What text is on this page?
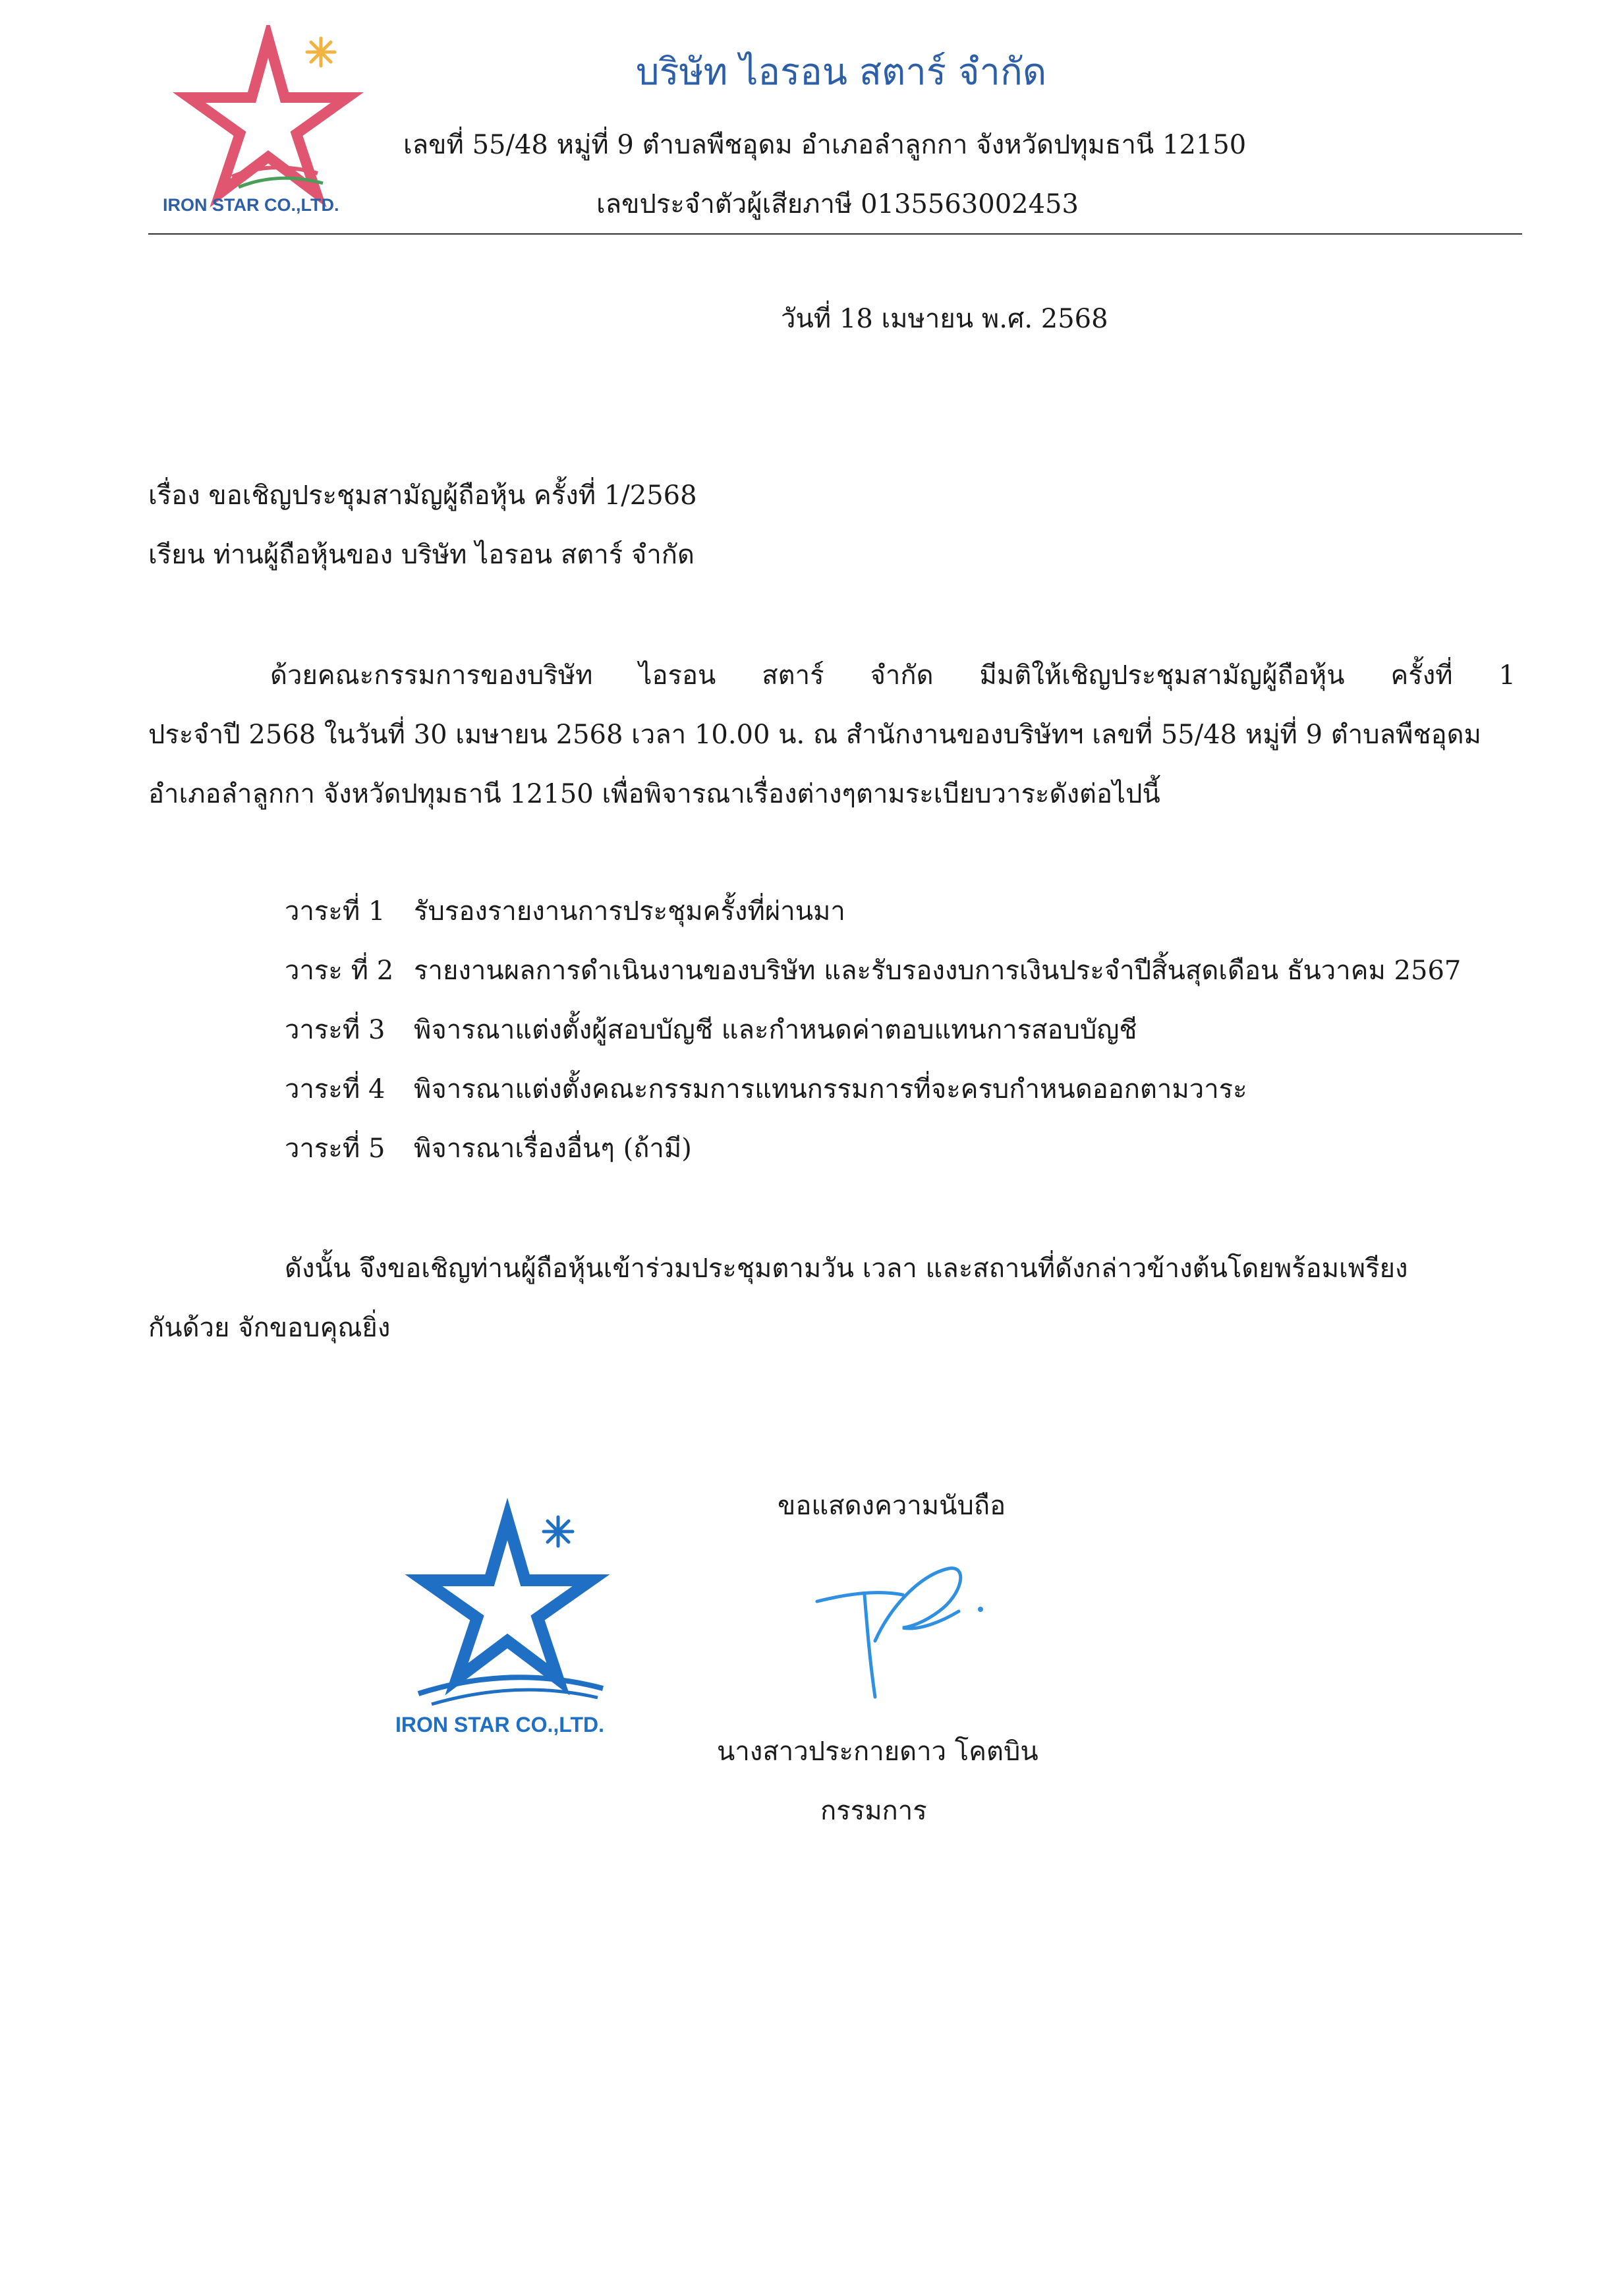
IRON STAR CO.,LTD.
บริษัท ไอรอน สตาร์ จำกัด
เลขที่ 55/48 หมู่ที่ 9 ตำบลพืชอุดม อำเภอลำลูกกา จังหวัดปทุมธานี 12150
เลขประจำตัวผู้เสียภาษี 0135563002453
วันที่ 18 เมษายน พ.ศ. 2568
เรื่อง ขอเชิญประชุมสามัญผู้ถือหุ้น ครั้งที่ 1/2568
เรียน ท่านผู้ถือหุ้นของ บริษัท ไอรอน สตาร์ จำกัด
ด้วยคณะกรรมการของบริษัท ไอรอน สตาร์ จำกัด มีมติให้เชิญประชุมสามัญผู้ถือหุ้น ครั้งที่ 1
ประจำปี 2568 ในวันที่ 30 เมษายน 2568 เวลา 10.00 น. ณ สำนักงานของบริษัทฯ เลขที่ 55/48 หมู่ที่ 9 ตำบลพืชอุดม
อำเภอลำลูกกา จังหวัดปทุมธานี 12150 เพื่อพิจารณาเรื่องต่างๆตามระเบียบวาระดังต่อไปนี้
วาระที่ 1 รับรองรายงานการประชุมครั้งที่ผ่านมา
วาระ ที่ 2 รายงานผลการดำเนินงานของบริษัท และรับรองงบการเงินประจำปีสิ้นสุดเดือน ธันวาคม 2567
วาระที่ 3 พิจารณาแต่งตั้งผู้สอบบัญชี และกำหนดค่าตอบแทนการสอบบัญชี
วาระที่ 4 พิจารณาแต่งตั้งคณะกรรมการแทนกรรมการที่จะครบกำหนดออกตามวาระ
วาระที่ 5 พิจารณาเรื่องอื่นๆ (ถ้ามี)
ดังนั้น จึงขอเชิญท่านผู้ถือหุ้นเข้าร่วมประชุมตามวัน เวลา และสถานที่ดังกล่าวข้างต้นโดยพร้อมเพรียง
กันด้วย จักขอบคุณยิ่ง
ขอแสดงความนับถือ
IRON STAR CO.,LTD.
นางสาวประกายดาว โคตบิน
กรรมการ
